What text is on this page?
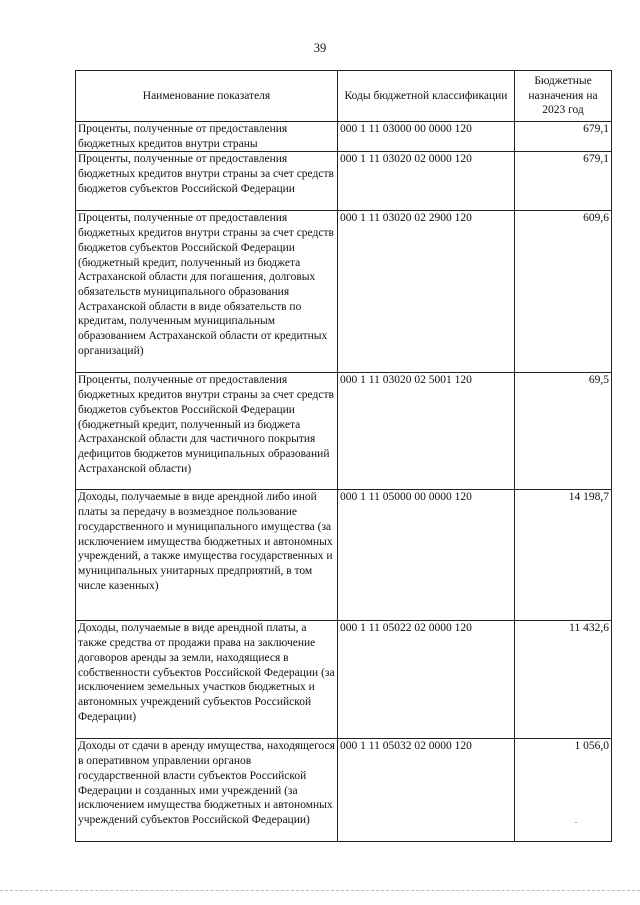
39
Наименование показателя	Коды бюджетной классификации	Бюджетные назначения на 2023 год
Проценты, полученные от предоставления бюджетных кредитов внутри страны	000 1 11 03000 00 0000 120	679,1
Проценты, полученные от предоставления бюджетных кредитов внутри страны за счет средств бюджетов субъектов Российской Федерации	000 1 11 03020 02 0000 120	679,1
Проценты, полученные от предоставления бюджетных кредитов внутри страны за счет средств бюджетов субъектов Российской Федерации (бюджетный кредит, полученный из бюджета Астраханской области для погашения, долговых обязательств муниципального образования Астраханской области в виде обязательств по кредитам, полученным муниципальным образованием Астраханской области от кредитных организаций)	000 1 11 03020 02 2900 120	609,6
Проценты, полученные от предоставления бюджетных кредитов внутри страны за счет средств бюджетов субъектов Российской Федерации (бюджетный кредит, полученный из бюджета Астраханской области для частичного покрытия дефицитов бюджетов муниципальных образований Астраханской области)	000 1 11 03020 02 5001 120	69,5
Доходы, получаемые в виде арендной либо иной платы за передачу в возмездное пользование государственного и муниципального имущества (за исключением имущества бюджетных и автономных учреждений, а также имущества государственных и муниципальных унитарных предприятий, в том числе казенных)	000 1 11 05000 00 0000 120	14 198,7
Доходы, получаемые в виде арендной платы, а также средства от продажи права на заключение договоров аренды за земли, находящиеся в собственности субъектов Российской Федерации (за исключением земельных участков бюджетных и автономных учреждений субъектов Российской Федерации)	000 1 11 05022 02 0000 120	11 432,6
Доходы от сдачи в аренду имущества, находящегося в оперативном управлении органов государственной власти субъектов Российской Федерации и созданных ими учреждений (за исключением имущества бюджетных и автономных учреждений субъектов Российской Федерации)	000 1 11 05032 02 0000 120	1 056,0
